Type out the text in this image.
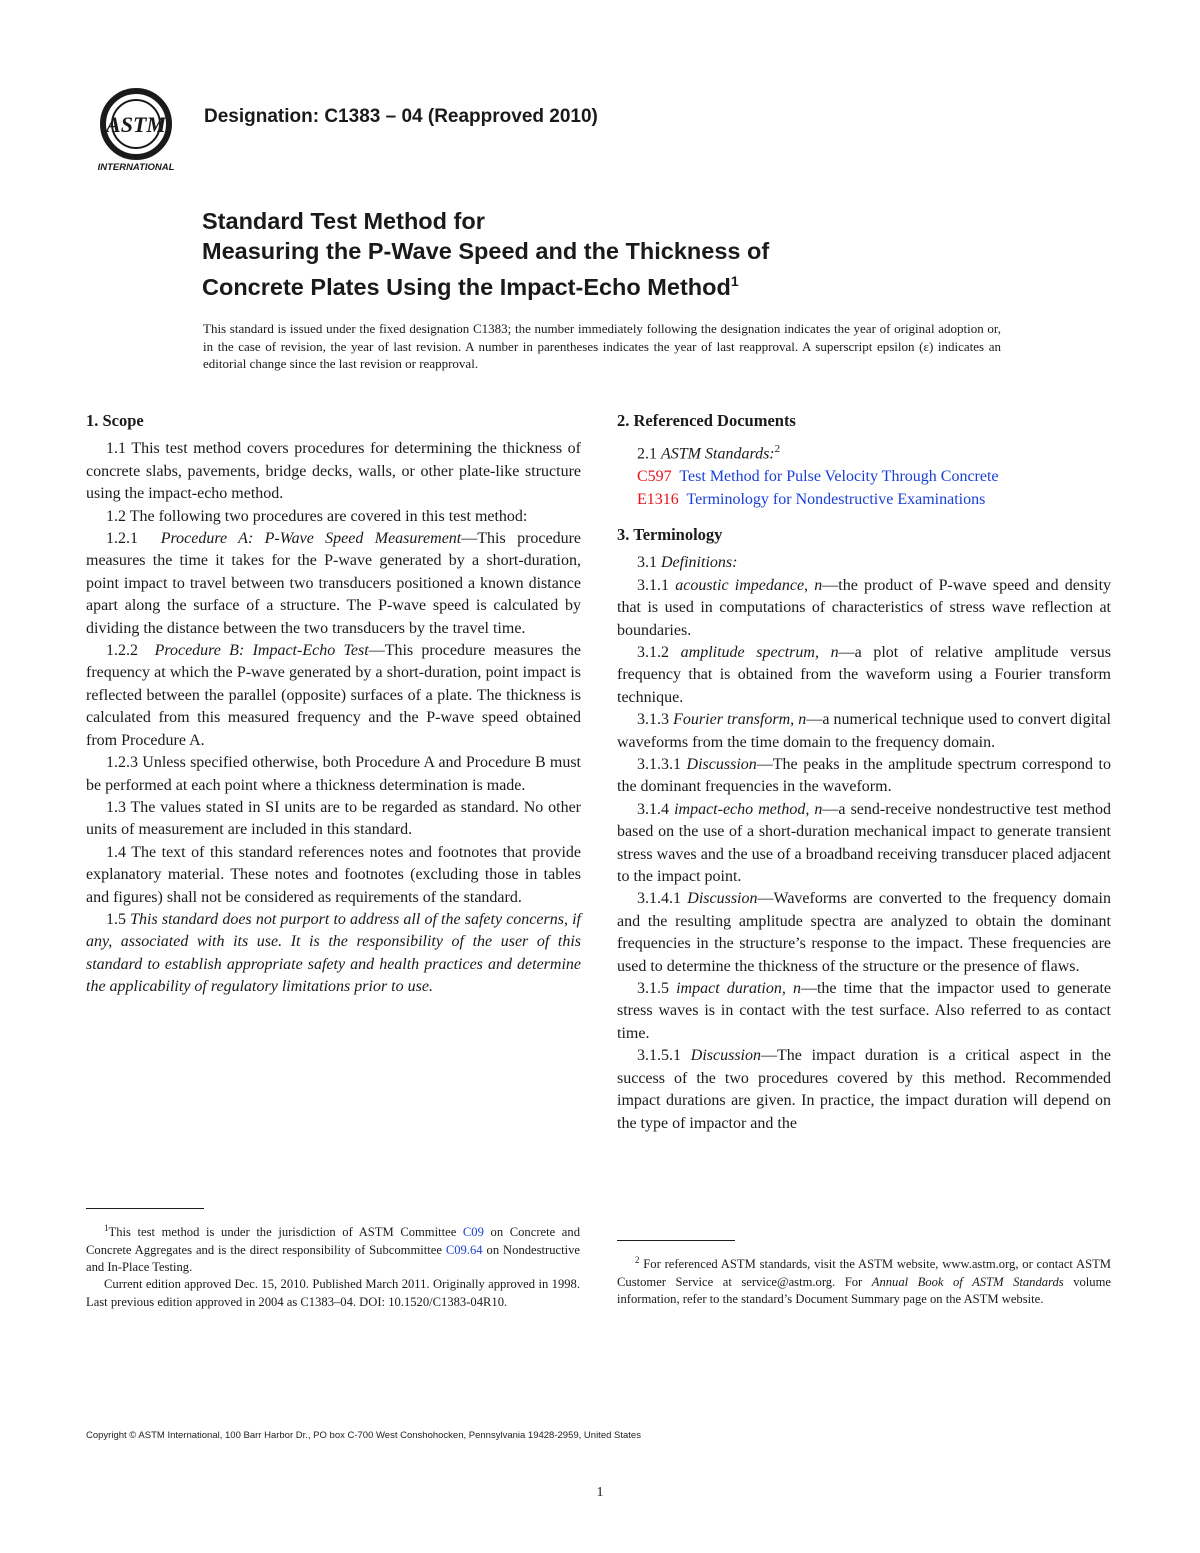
ASTM
INTERNATIONAL
Designation: C1383 – 04 (Reapproved 2010)
Standard Test Method for
Measuring the P-Wave Speed and the Thickness of
Concrete Plates Using the Impact-Echo Method$^1$
This standard is issued under the fixed designation C1383; the number immediately following the designation indicates the year of original adoption or, in the case of revision, the year of last revision. A number in parentheses indicates the year of last reapproval. A superscript epsilon (ε) indicates an editorial change since the last revision or reapproval.
1. Scope

1.1 This test method covers procedures for determining the thickness of concrete slabs, pavements, bridge decks, walls, or other plate-like structure using the impact-echo method.

1.2 The following two procedures are covered in this test method:

1.2.1 Procedure A: P-Wave Speed Measurement—This procedure measures the time it takes for the P-wave generated by a short-duration, point impact to travel between two transducers positioned a known distance apart along the surface of a structure. The P-wave speed is calculated by dividing the distance between the two transducers by the travel time.

1.2.2 Procedure B: Impact-Echo Test—This procedure measures the frequency at which the P-wave generated by a short-duration, point impact is reflected between the parallel (opposite) surfaces of a plate. The thickness is calculated from this measured frequency and the P-wave speed obtained from Procedure A.

1.2.3 Unless specified otherwise, both Procedure A and Procedure B must be performed at each point where a thickness determination is made.

1.3 The values stated in SI units are to be regarded as standard. No other units of measurement are included in this standard.

1.4 The text of this standard references notes and footnotes that provide explanatory material. These notes and footnotes (excluding those in tables and figures) shall not be considered as requirements of the standard.

1.5 This standard does not purport to address all of the safety concerns, if any, associated with its use. It is the responsibility of the user of this standard to establish appropriate safety and health practices and determine the applicability of regulatory limitations prior to use.

2. Referenced Documents

2.1 ASTM Standards:$^2$

C597 Test Method for Pulse Velocity Through Concrete

E1316 Terminology for Nondestructive Examinations

3. Terminology

3.1 Definitions:

3.1.1 acoustic impedance, n—the product of P-wave speed and density that is used in computations of characteristics of stress wave reflection at boundaries.

3.1.2 amplitude spectrum, n—a plot of relative amplitude versus frequency that is obtained from the waveform using a Fourier transform technique.

3.1.3 Fourier transform, n—a numerical technique used to convert digital waveforms from the time domain to the frequency domain.

3.1.3.1 Discussion—The peaks in the amplitude spectrum correspond to the dominant frequencies in the waveform.

3.1.4 impact-echo method, n—a send-receive nondestructive test method based on the use of a short-duration mechanical impact to generate transient stress waves and the use of a broadband receiving transducer placed adjacent to the impact point.

3.1.4.1 Discussion—Waveforms are converted to the frequency domain and the resulting amplitude spectra are analyzed to obtain the dominant frequencies in the structure’s response to the impact. These frequencies are used to determine the thickness of the structure or the presence of flaws.

3.1.5 impact duration, n—the time that the impactor used to generate stress waves is in contact with the test surface. Also referred to as contact time.

3.1.5.1 Discussion—The impact duration is a critical aspect in the success of the two procedures covered by this method. Recommended impact durations are given. In practice, the impact duration will depend on the type of impactor and the

$^1$This test method is under the jurisdiction of ASTM Committee C09 on Concrete and Concrete Aggregates and is the direct responsibility of Subcommittee C09.64 on Nondestructive and In-Place Testing.

Current edition approved Dec. 15, 2010. Published March 2011. Originally approved in 1998. Last previous edition approved in 2004 as C1383–04. DOI: 10.1520/C1383-04R10.

$^2$ For referenced ASTM standards, visit the ASTM website, www.astm.org, or contact ASTM Customer Service at service@astm.org. For Annual Book of ASTM Standards volume information, refer to the standard’s Document Summary page on the ASTM website.

Copyright © ASTM International, 100 Barr Harbor Dr., PO box C-700 West Conshohocken, Pennsylvania 19428-2959, United States
1
